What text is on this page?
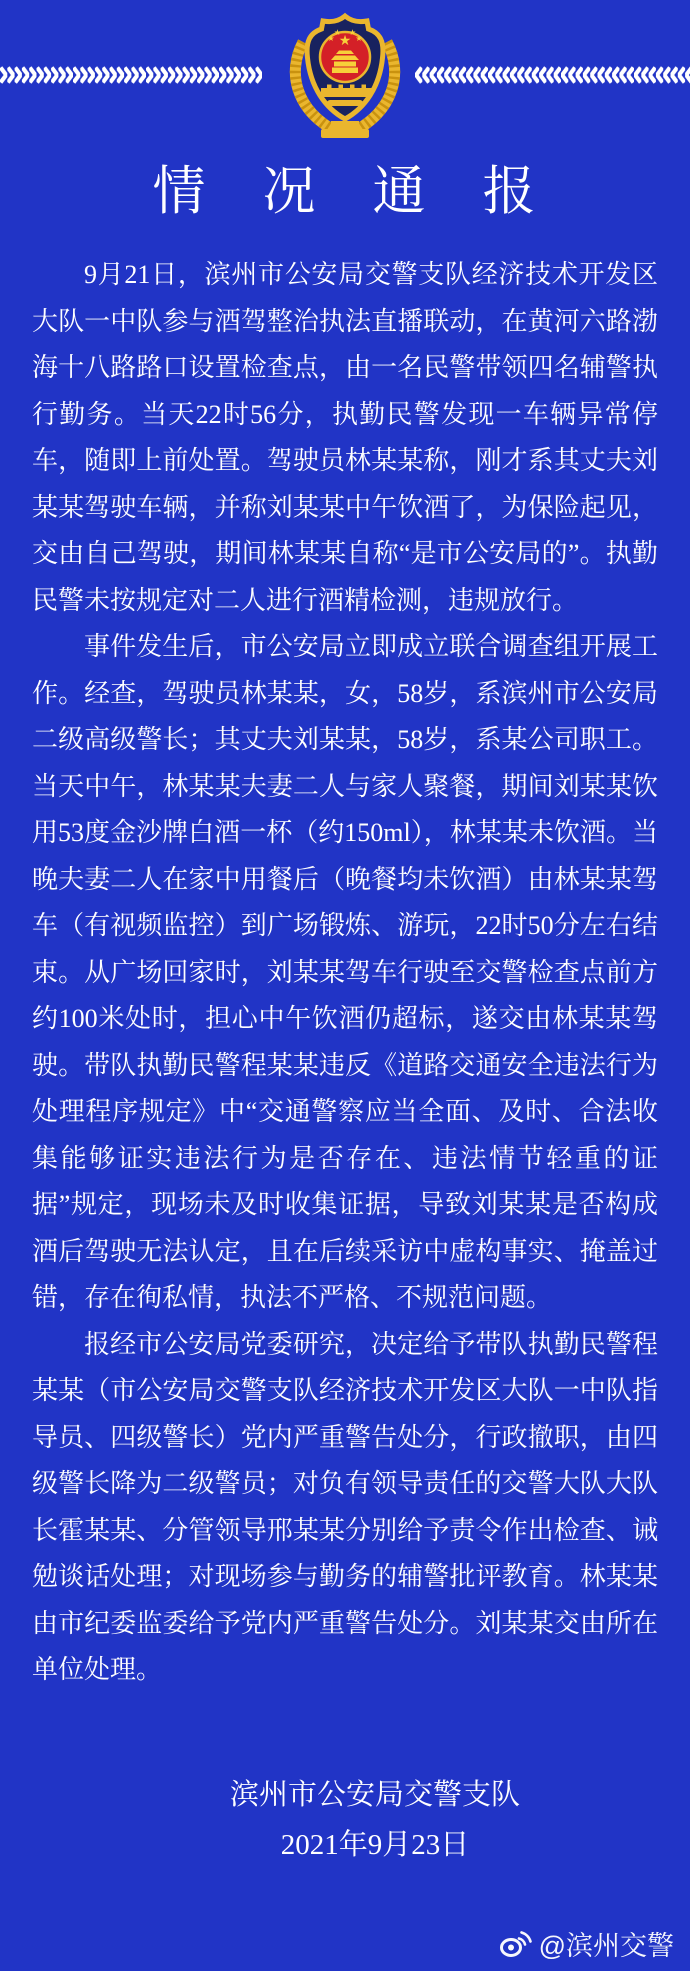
★
★
★ ★
★
情　况　通　报

9月21日，滨州市公安局交警支队经济技术开发区大队一中队参与酒驾整治执法直播联动，在黄河六路渤海十八路路口设置检查点，由一名民警带领四名辅警执行勤务。当天22时56分，执勤民警发现一车辆异常停车，随即上前处置。驾驶员林某某称，刚才系其丈夫刘某某驾驶车辆，并称刘某某中午饮酒了，为保险起见，交由自己驾驶，期间林某某自称“是市公安局的”。执勤民警未按规定对二人进行酒精检测，违规放行。

事件发生后，市公安局立即成立联合调查组开展工作。经查，驾驶员林某某，女，58岁，系滨州市公安局二级高级警长；其丈夫刘某某，58岁，系某公司职工。当天中午，林某某夫妻二人与家人聚餐，期间刘某某饮用53度金沙牌白酒一杯（约150ml），林某某未饮酒。当晚夫妻二人在家中用餐后（晚餐均未饮酒）由林某某驾车（有视频监控）到广场锻炼、游玩，22时50分左右结束。从广场回家时，刘某某驾车行驶至交警检查点前方约100米处时，担心中午饮酒仍超标，遂交由林某某驾驶。带队执勤民警程某某违反《道路交通安全违法行为处理程序规定》中“交通警察应当全面、及时、合法收集能够证实违法行为是否存在、违法情节轻重的证据”规定，现场未及时收集证据，导致刘某某是否构成酒后驾驶无法认定，且在后续采访中虚构事实、掩盖过错，存在徇私情，执法不严格、不规范问题。

报经市公安局党委研究，决定给予带队执勤民警程某某（市公安局交警支队经济技术开发区大队一中队指导员、四级警长）党内严重警告处分，行政撤职，由四级警长降为二级警员；对负有领导责任的交警大队大队长霍某某、分管领导邢某某分别给予责令作出检查、诫勉谈话处理；对现场参与勤务的辅警批评教育。林某某由市纪委监委给予党内严重警告处分。刘某某交由所在单位处理。

滨州市公安局交警支队
2021年9月23日
@滨州交警
